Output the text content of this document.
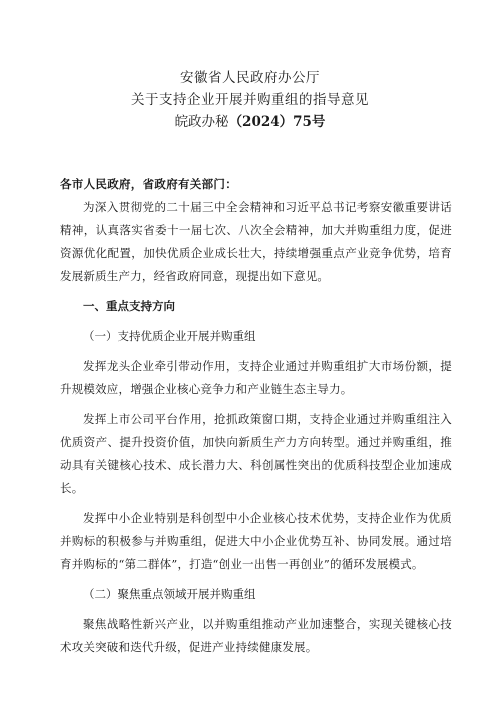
安徽省人民政府办公厅
关于支持企业开展并购重组的指导意见
皖政办秘（2024）75号
各市人民政府，省政府有关部门：

为深入贯彻党的二十届三中全会精神和习近平总书记考察安徽重要讲话精神，认真落实省委十一届七次、八次全会精神，加大并购重组力度，促进资源优化配置，加快优质企业成长壮大，持续增强重点产业竞争优势，培育发展新质生产力，经省政府同意，现提出如下意见。

一、重点支持方向

（一）支持优质企业开展并购重组

发挥龙头企业牵引带动作用，支持企业通过并购重组扩大市场份额，提升规模效应，增强企业核心竞争力和产业链生态主导力。

发挥上市公司平台作用，抢抓政策窗口期，支持企业通过并购重组注入优质资产、提升投资价值，加快向新质生产力方向转型。通过并购重组，推动具有关键核心技术、成长潜力大、科创属性突出的优质科技型企业加速成长。

发挥中小企业特别是科创型中小企业核心技术优势，支持企业作为优质并购标的积极参与并购重组，促进大中小企业优势互补、协同发展。通过培育并购标的“第二群体”，打造“创业一出售一再创业”的循环发展模式。

（二）聚焦重点领域开展并购重组

聚焦战略性新兴产业，以并购重组推动产业加速整合，实现关键核心技术攻关突破和迭代升级，促进产业持续健康发展。
